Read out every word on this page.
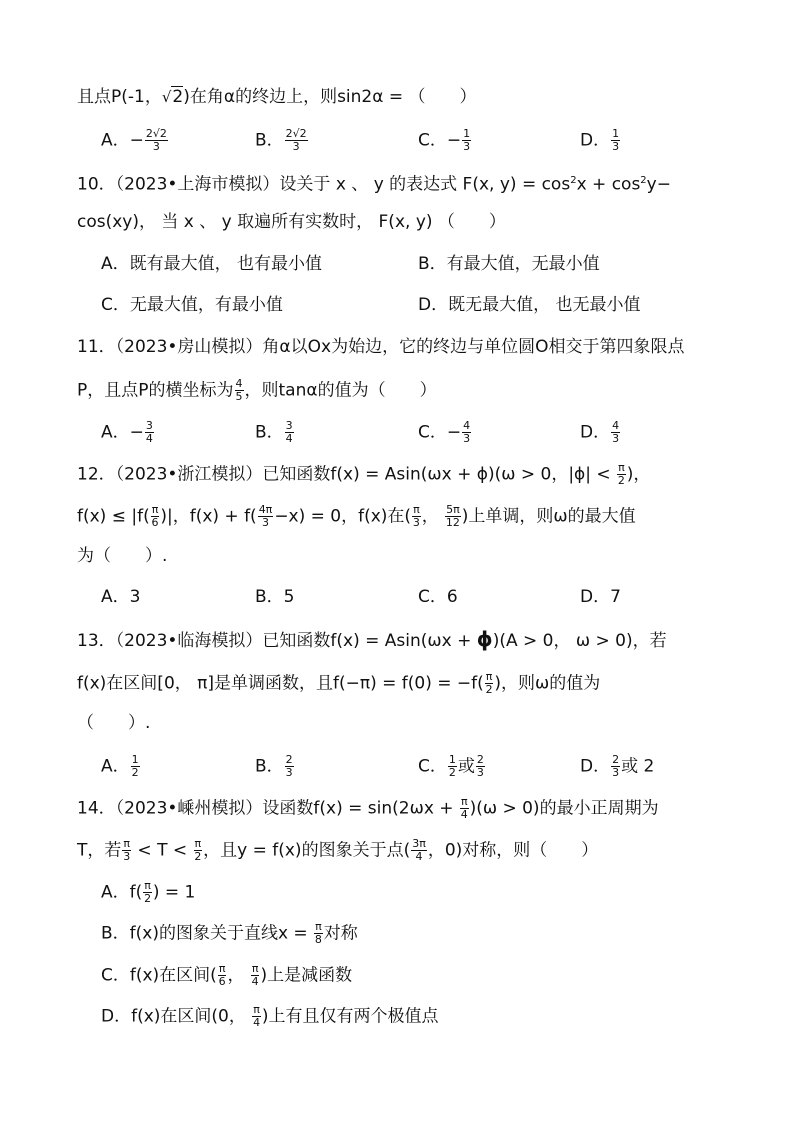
且点P(-1，√2)在角α的终边上，则sin2α = （　　）
A．− $\frac{2√2}{3}$	B． $\frac{2√2}{3}$	C．− $\frac{1}{3}$	D． $\frac{1}{3}$
10．（2023•上海市模拟）设关于 x 、 y 的表达式 F(x, $y) = \cos^2x + \cos^2y-$
cos(xy)， 当 x 、 y 取遍所有实数时， F(x, y) （　　）
A．既有最大值， 也有最小值	B．有最大值，无最小值
C．无最大值，有最小值	D．既无最大值， 也无最小值
11．（2023•房山模拟）角α以Ox为始边，它的终边与单位圆O相交于第四象限点
P，且点P的横坐标为 $\frac{4}{5}$ ，则tanα的值为（　　）
A．− $\frac{3}{4}$	B． $\frac{3}{4}$	C．− $\frac{4}{3}$	D． $\frac{4}{3}$
12．（2023•浙江模拟）已知函数f(x) = Asin(ωx + ϕ)(ω > 0，$|\phi| < \frac{\pi}{2}$ )，
$f(x) \le |f( \frac{\pi}{6}$ )|，$f(x) + f( \frac{4\pi}{3} -x) = 0$，f(x)在( $\frac{\pi}{3}$ ， $\frac{5\pi}{12}$ )上单调，则ω的最大值
为（　　）.
A．3	B．5	C．6	D．7
13．（2023•临海模拟）已知函数f(x) = Asin(ωx + ϕ)(A > 0， ω > 0)，若
f(x)在区间[0， π]是单调函数，且$f(-\pi) = f(0) = -f( \frac{\pi}{2}$ )，则ω的值为
（　　）.
A． $\frac{1}{2}$	B． $\frac{2}{3}$	C． $\frac{1}{2}$ 或 $\frac{2}{3}$	D． $\frac{2}{3}$ 或 2
14．（2023•嵊州模拟）设函数$f(x) = \sin(2\omega x + \frac{\pi}{4} )(\omega > 0)$的最小正周期为
T，若 $\frac{\pi}{3} < T < \frac{\pi}{2}$ ，且y = f(x)的图象关于点( $\frac{3\pi}{4}$ ，0)对称，则（　　）
A．$f( \frac{\pi}{2}$ ) = 1
B．f(x)的图象关于直线$x = \frac{\pi}{8}$ 对称
C．f(x)在区间( $\frac{\pi}{6}$ ， $\frac{\pi}{4}$ )上是减函数
D．f(x)在区间(0， $\frac{\pi}{4}$ )上有且仅有两个极值点
